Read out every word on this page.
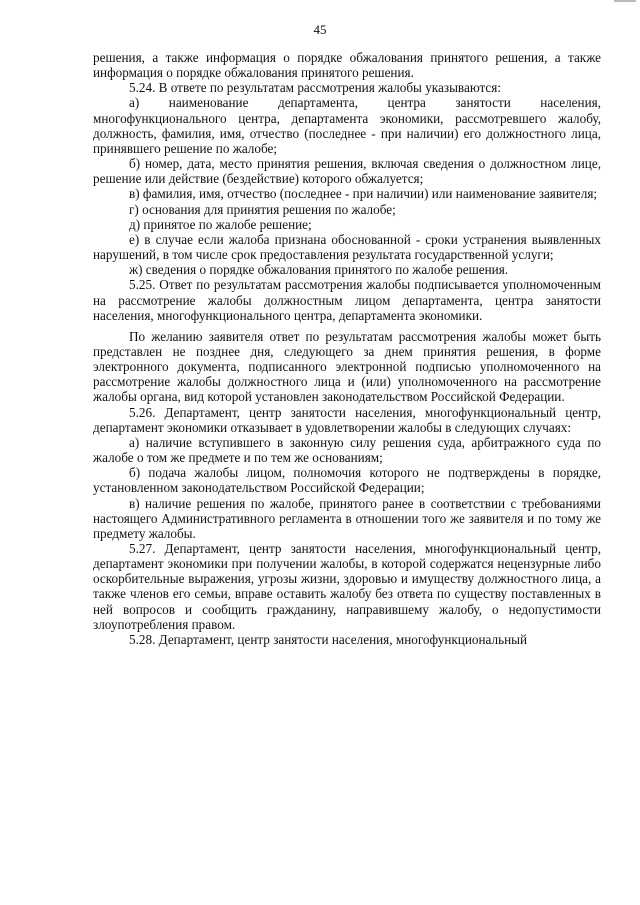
45

решения, а также информация о порядке обжалования принятого решения, а также информация о порядке обжалования принятого решения.

5.24. В ответе по результатам рассмотрения жалобы указываются:

а) наименование департамента, центра занятости населения, многофункционального центра, департамента экономики, рассмотревшего жалобу, должность, фамилия, имя, отчество (последнее - при наличии) его должностного лица, принявшего решение по жалобе;

б) номер, дата, место принятия решения, включая сведения о должностном лице, решение или действие (бездействие) которого обжалуется;

в) фамилия, имя, отчество (последнее - при наличии) или наименование заявителя;

г) основания для принятия решения по жалобе;

д) принятое по жалобе решение;

е) в случае если жалоба признана обоснованной - сроки устранения выявленных нарушений, в том числе срок предоставления результата государственной услуги;

ж) сведения о порядке обжалования принятого по жалобе решения.

5.25. Ответ по результатам рассмотрения жалобы подписывается уполномоченным на рассмотрение жалобы должностным лицом департамента, центра занятости населения, многофункционального центра, департамента экономики.

По желанию заявителя ответ по результатам рассмотрения жалобы может быть представлен не позднее дня, следующего за днем принятия решения, в форме электронного документа, подписанного электронной подписью уполномоченного на рассмотрение жалобы должностного лица и (или) уполномоченного на рассмотрение жалобы органа, вид которой установлен законодательством Российской Федерации.

5.26. Департамент, центр занятости населения, многофункциональный центр, департамент экономики отказывает в удовлетворении жалобы в следующих случаях:

а) наличие вступившего в законную силу решения суда, арбитражного суда по жалобе о том же предмете и по тем же основаниям;

б) подача жалобы лицом, полномочия которого не подтверждены в порядке, установленном законодательством Российской Федерации;

в) наличие решения по жалобе, принятого ранее в соответствии с требованиями настоящего Административного регламента в отношении того же заявителя и по тому же предмету жалобы.

5.27. Департамент, центр занятости населения, многофункциональный центр, департамент экономики при получении жалобы, в которой содержатся нецензурные либо оскорбительные выражения, угрозы жизни, здоровью и имуществу должностного лица, а также членов его семьи, вправе оставить жалобу без ответа по существу поставленных в ней вопросов и сообщить гражданину, направившему жалобу, о недопустимости злоупотребления правом.

5.28. Департамент, центр занятости населения, многофункциональный
